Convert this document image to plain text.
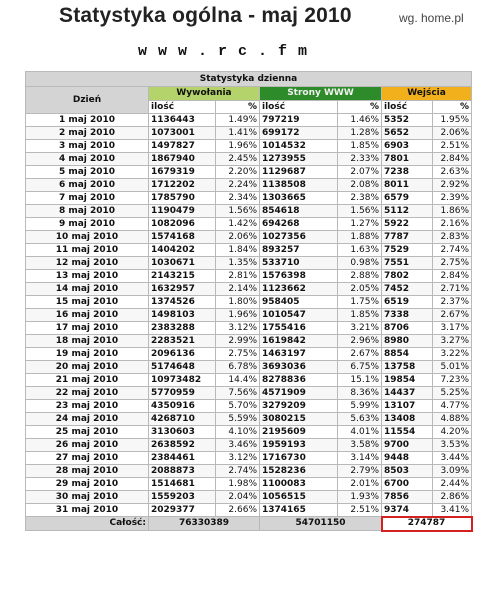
Statystyka ogólna - maj 2010	wg. home.pl
w w w . r c . f m
Statystyka dzienna						
Dzień	Wywołania		Strony WWW		Wejścia	
	ilość	%	ilość	%	ilość	%
1 maj 2010	1136443	1.49%	797219	1.46%	5352	1.95%
2 maj 2010	1073001	1.41%	699172	1.28%	5652	2.06%
3 maj 2010	1497827	1.96%	1014532	1.85%	6903	2.51%
4 maj 2010	1867940	2.45%	1273955	2.33%	7801	2.84%
5 maj 2010	1679319	2.20%	1129687	2.07%	7238	2.63%
6 maj 2010	1712202	2.24%	1138508	2.08%	8011	2.92%
7 maj 2010	1785790	2.34%	1303665	2.38%	6579	2.39%
8 maj 2010	1190479	1.56%	854618	1.56%	5112	1.86%
9 maj 2010	1082096	1.42%	694268	1.27%	5922	2.16%
10 maj 2010	1574168	2.06%	1027356	1.88%	7787	2.83%
11 maj 2010	1404202	1.84%	893257	1.63%	7529	2.74%
12 maj 2010	1030671	1.35%	533710	0.98%	7551	2.75%
13 maj 2010	2143215	2.81%	1576398	2.88%	7802	2.84%
14 maj 2010	1632957	2.14%	1123662	2.05%	7452	2.71%
15 maj 2010	1374526	1.80%	958405	1.75%	6519	2.37%
16 maj 2010	1498103	1.96%	1010547	1.85%	7338	2.67%
17 maj 2010	2383288	3.12%	1755416	3.21%	8706	3.17%
18 maj 2010	2283521	2.99%	1619842	2.96%	8980	3.27%
19 maj 2010	2096136	2.75%	1463197	2.67%	8854	3.22%
20 maj 2010	5174648	6.78%	3693036	6.75%	13758	5.01%
21 maj 2010	10973482	14.4%	8278836	15.1%	19854	7.23%
22 maj 2010	5770959	7.56%	4571909	8.36%	14437	5.25%
23 maj 2010	4350916	5.70%	3279209	5.99%	13107	4.77%
24 maj 2010	4268710	5.59%	3080215	5.63%	13408	4.88%
25 maj 2010	3130603	4.10%	2195609	4.01%	11554	4.20%
26 maj 2010	2638592	3.46%	1959193	3.58%	9700	3.53%
27 maj 2010	2384461	3.12%	1716730	3.14%	9448	3.44%
28 maj 2010	2088873	2.74%	1528236	2.79%	8503	3.09%
29 maj 2010	1514681	1.98%	1100083	2.01%	6700	2.44%
30 maj 2010	1559203	2.04%	1056515	1.93%	7856	2.86%
31 maj 2010	2029377	2.66%	1374165	2.51%	9374	3.41%
Całość:	76330389		54701150		274787	
